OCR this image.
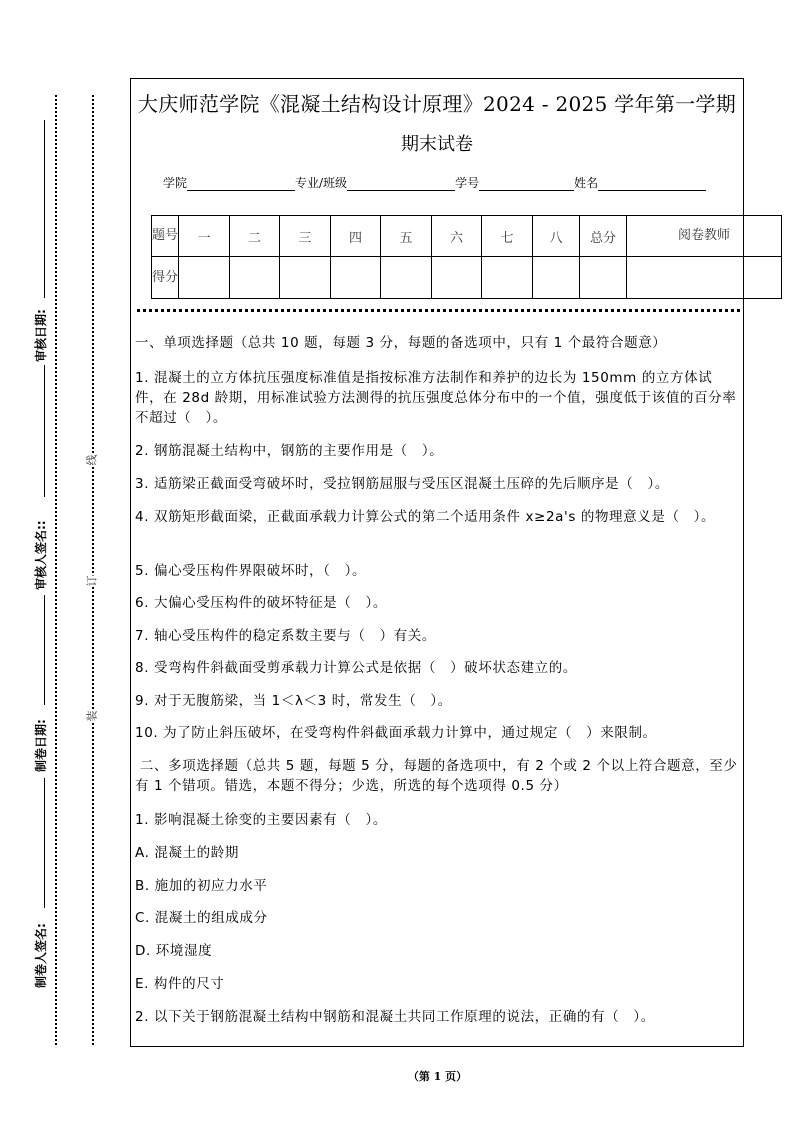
线
订
装
审核日期:
审核人签名::
制卷日期:
制卷人签名:
大庆师范学院《混凝土结构设计原理》2024 - 2025 学年第一学期
期末试卷
学院	专业/班级	学号	姓名
题号	一	二	三	四	五	六	七	八	总分	阅卷教师
得分										
一、单项选择题（总共 10 题，每题 3 分，每题的备选项中，只有 1 个最符合题意）
1. 混凝土的立方体抗压强度标准值是指按标准方法制作和养护的边长为 150mm 的立方体试件，在 28d 龄期，用标准试验方法测得的抗压强度总体分布中的一个值，强度低于该值的百分率不超过（　）。
2. 钢筋混凝土结构中，钢筋的主要作用是（　）。
3. 适筋梁正截面受弯破坏时，受拉钢筋屈服与受压区混凝土压碎的先后顺序是（　）。
4. 双筋矩形截面梁，正截面承载力计算公式的第二个适用条件 x≥2a's 的物理意义是（　）。
5. 偏心受压构件界限破坏时，（　）。
6. 大偏心受压构件的破坏特征是（　）。
7. 轴心受压构件的稳定系数主要与（　）有关。
8. 受弯构件斜截面受剪承载力计算公式是依据（　）破坏状态建立的。
9. 对于无腹筋梁，当 1＜λ＜3 时，常发生（　）。
10. 为了防止斜压破坏，在受弯构件斜截面承载力计算中，通过规定（　）来限制。
二、多项选择题（总共 5 题，每题 5 分，每题的备选项中，有 2 个或 2 个以上符合题意，至少有 1 个错项。错选，本题不得分；少选，所选的每个选项得 0.5 分）
1. 影响混凝土徐变的主要因素有（　）。
A. 混凝土的龄期
B. 施加的初应力水平
C. 混凝土的组成成分
D. 环境湿度
E. 构件的尺寸
2. 以下关于钢筋混凝土结构中钢筋和混凝土共同工作原理的说法，正确的有（　）。
（第 1 页）
